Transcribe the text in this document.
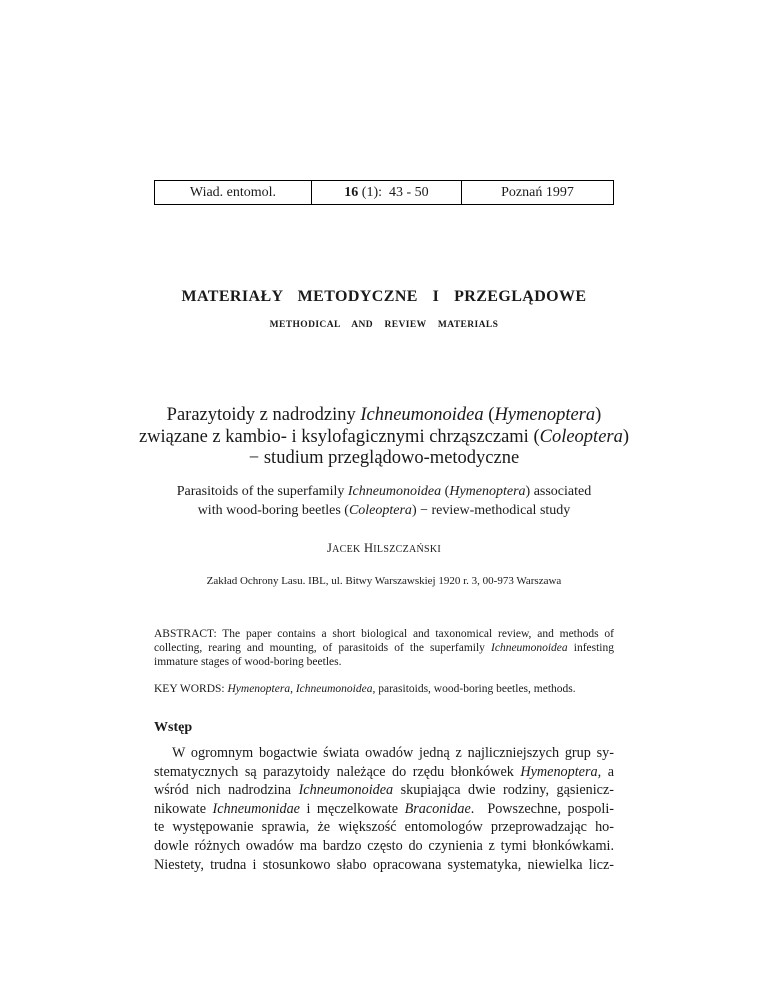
Wiad. entomol.	16 (1):  43 - 50	Poznań 1997
MATERIAŁY  METODYCZNE  I  PRZEGLĄDOWE
METHODICAL  AND  REVIEW  MATERIALS
Parazytoidy z nadrodziny Ichneumonoidea (Hymenoptera)
związane z kambio- i ksylofagicznymi chrząszczami (Coleoptera)
− studium przeglądowo-metodyczne
Parasitoids of the superfamily Ichneumonoidea (Hymenoptera) associated
with wood-boring beetles (Coleoptera) − review-methodical study
JACEK HILSZCZAŃSKI
Zakład Ochrony Lasu. IBL, ul. Bitwy Warszawskiej 1920 r. 3, 00-973 Warszawa

ABSTRACT: The paper contains a short biological and taxonomical review, and methods of collecting, rearing and mounting, of parasitoids of the superfamily Ichneumonoidea infesting immature stages of wood-boring beetles.

KEY WORDS: Hymenoptera, Ichneumonoidea, parasitoids, wood-boring beetles, methods.

Wstęp
W ogromnym bogactwie świata owadów jedną z najliczniejszych grup sy-
stematycznych są parazytoidy należące do rzędu błonkówek Hymenoptera, a
wśród nich nadrodzina Ichneumonoidea skupiająca dwie rodziny, gąsienicz-
nikowate Ichneumonidae i męczelkowate Braconidae.  Powszechne, pospoli-
te występowanie sprawia, że większość entomologów przeprowadzając ho-
dowle różnych owadów ma bardzo często do czynienia z tymi błonkówkami.
Niestety, trudna i stosunkowo słabo opracowana systematyka, niewielka licz-
